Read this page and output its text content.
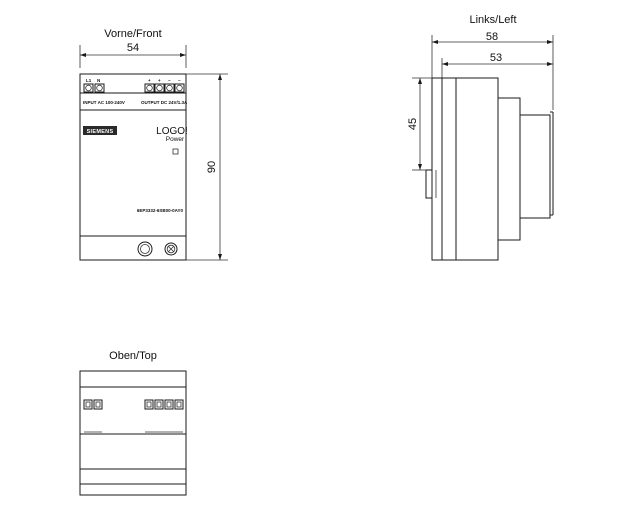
Vorne/Front
54
L1 N	+ + − −
INPUT AC 100-240V	OUTPUT DC 24V/1.3A
SIEMENS	LOGO!
Power
6EP3332-6SB00-0AY0
90
Links/Left
58
53
45
Oben/Top
